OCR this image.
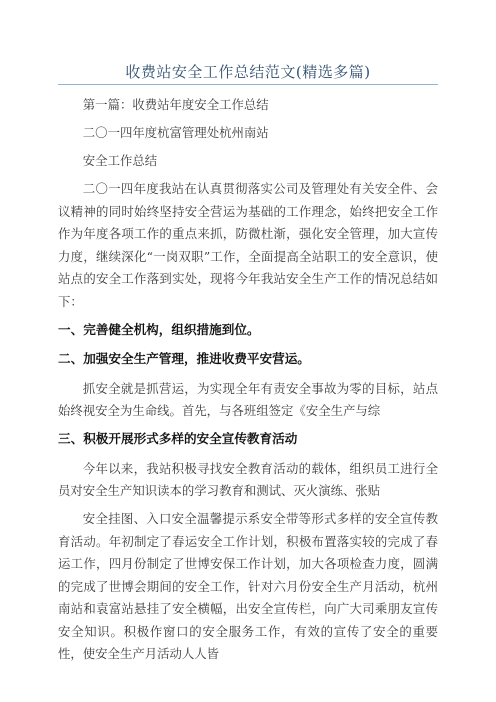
收费站安全工作总结范文(精选多篇)

第一篇：收费站年度安全工作总结

二〇一四年度杭富管理处杭州南站

安全工作总结

二〇一四年度我站在认真贯彻落实公司及管理处有关安全件、会议精神的同时始终坚持安全营运为基础的工作理念，始终把安全工作作为年度各项工作的重点来抓，防微杜渐，强化安全管理，加大宣传力度，继续深化“一岗双职”工作，全面提高全站职工的安全意识，使站点的安全工作落到实处，现将今年我站安全生产工作的情况总结如下：

一、完善健全机构，组织措施到位。

二、加强安全生产管理，推进收费平安营运。

抓安全就是抓营运，为实现全年有责安全事故为零的目标，站点始终视安全为生命线。首先，与各班组签定《安全生产与综

三、积极开展形式多样的安全宣传教育活动

今年以来，我站积极寻找安全教育活动的载体，组织员工进行全员对安全生产知识读本的学习教育和测试、灭火演练、张贴

安全挂图、入口安全温馨提示系安全带等形式多样的安全宣传教育活动。年初制定了春运安全工作计划，积极布置落实较的完成了春运工作，四月份制定了世博安保工作计划，加大各项检查力度，圆满的完成了世博会期间的安全工作，针对六月份安全生产月活动，杭州南站和袁富站悬挂了安全横幅，出安全宣传栏，向广大司乘朋友宣传安全知识。积极作窗口的安全服务工作，有效的宣传了安全的重要性，使安全生产月活动人人皆
